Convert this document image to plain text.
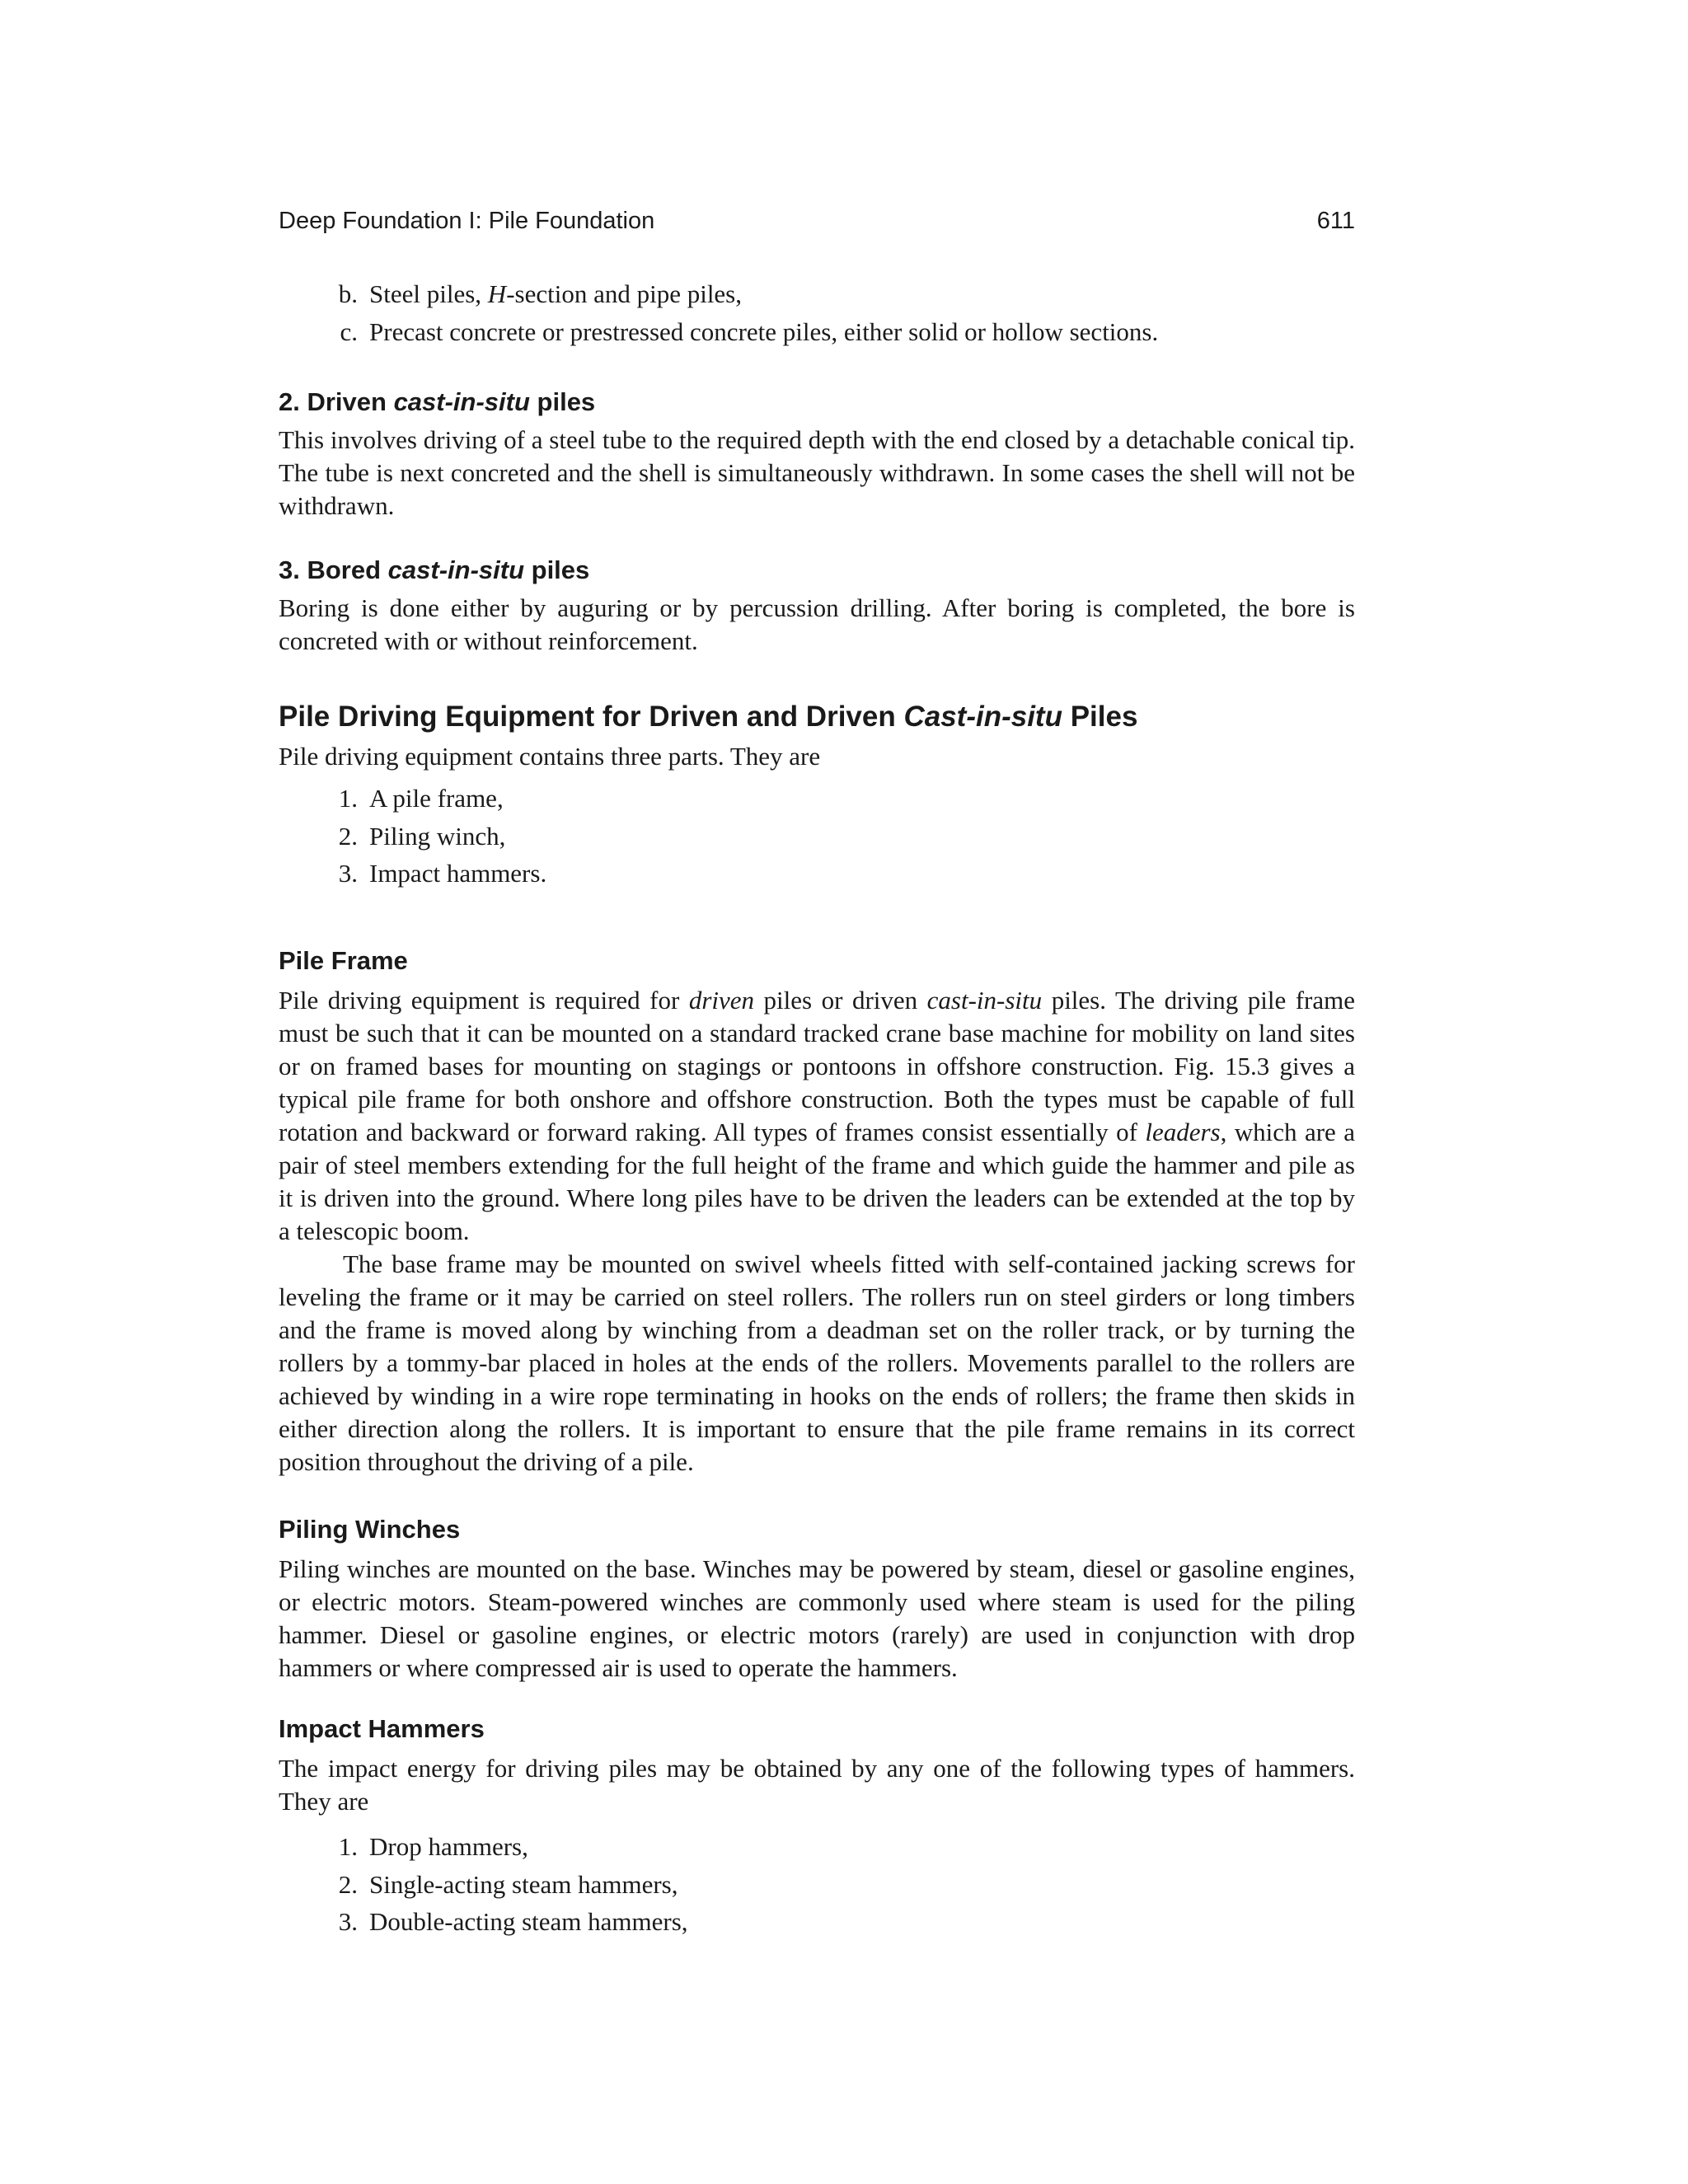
Deep Foundation I: Pile Foundation	611
b. Steel piles, H-section and pipe piles,
c. Precast concrete or prestressed concrete piles, either solid or hollow sections.
2. Driven cast-in-situ piles

This involves driving of a steel tube to the required depth with the end closed by a detachable conical tip. The tube is next concreted and the shell is simultaneously withdrawn. In some cases the shell will not be withdrawn.

3. Bored cast-in-situ piles

Boring is done either by auguring or by percussion drilling. After boring is completed, the bore is concreted with or without reinforcement.

Pile Driving Equipment for Driven and Driven Cast-in-situ Piles

Pile driving equipment contains three parts. They are

1. A pile frame,
2. Piling winch,
3. Impact hammers.
Pile Frame

Pile driving equipment is required for driven piles or driven cast-in-situ piles. The driving pile frame must be such that it can be mounted on a standard tracked crane base machine for mobility on land sites or on framed bases for mounting on stagings or pontoons in offshore construction. Fig. 15.3 gives a typical pile frame for both onshore and offshore construction. Both the types must be capable of full rotation and backward or forward raking. All types of frames consist essentially of leaders, which are a pair of steel members extending for the full height of the frame and which guide the hammer and pile as it is driven into the ground. Where long piles have to be driven the leaders can be extended at the top by a telescopic boom.

The base frame may be mounted on swivel wheels fitted with self-contained jacking screws for leveling the frame or it may be carried on steel rollers. The rollers run on steel girders or long timbers and the frame is moved along by winching from a deadman set on the roller track, or by turning the rollers by a tommy-bar placed in holes at the ends of the rollers. Movements parallel to the rollers are achieved by winding in a wire rope terminating in hooks on the ends of rollers; the frame then skids in either direction along the rollers. It is important to ensure that the pile frame remains in its correct position throughout the driving of a pile.

Piling Winches

Piling winches are mounted on the base. Winches may be powered by steam, diesel or gasoline engines, or electric motors. Steam-powered winches are commonly used where steam is used for the piling hammer. Diesel or gasoline engines, or electric motors (rarely) are used in conjunction with drop hammers or where compressed air is used to operate the hammers.

Impact Hammers

The impact energy for driving piles may be obtained by any one of the following types of hammers. They are

1. Drop hammers,
2. Single-acting steam hammers,
3. Double-acting steam hammers,
